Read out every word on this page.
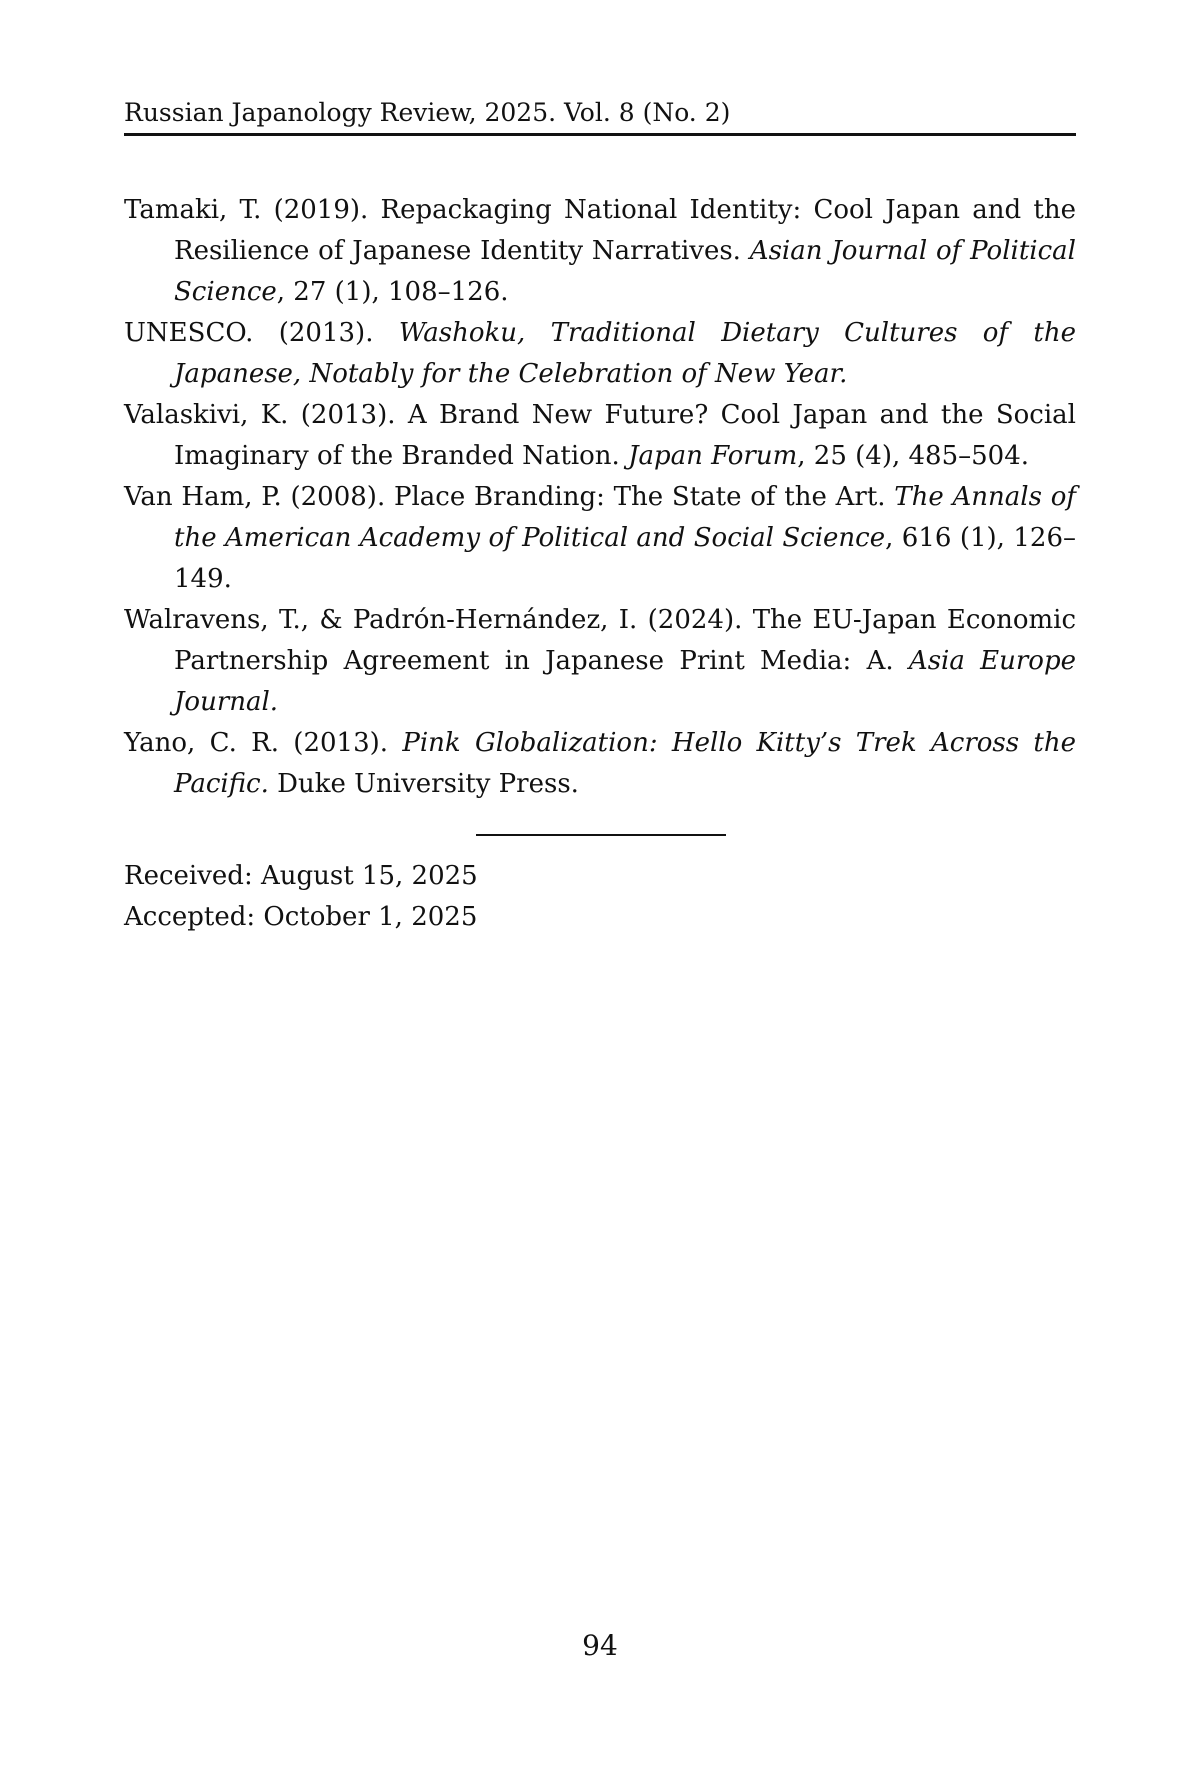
Russian Japanology Review, 2025. Vol. 8 (No. 2)

Tamaki, T. (2019). Repackaging National Identity: Cool Japan and the Resilience of Japanese Identity Narratives. Asian Journal of Political Science, 27 (1), 108–126.

UNESCO. (2013). Washoku, Traditional Dietary Cultures of the Japanese, Notably for the Celebration of New Year.

Valaskivi, K. (2013). A Brand New Future? Cool Japan and the Social Imaginary of the Branded Nation. Japan Forum, 25 (4), 485–504.

Van Ham, P. (2008). Place Branding: The State of the Art. The Annals of the American Academy of Political and Social Science, 616 (1), 126–149.

Walravens, T., & Padrón-Hernández, I. (2024). The EU-Japan Economic Partnership Agreement in Japanese Print Media: A. Asia Europe Journal.

Yano, C. R. (2013). Pink Globalization: Hello Kitty’s Trek Across the Pacific. Duke University Press.

Received: August 15, 2025
Accepted: October 1, 2025
94
